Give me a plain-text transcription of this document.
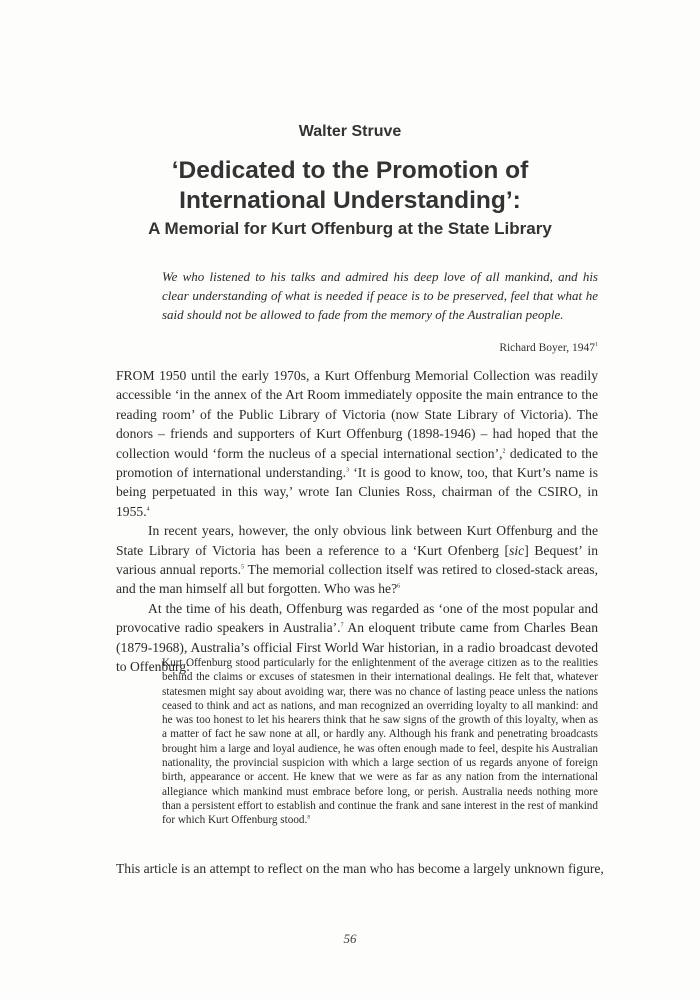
Walter Struve
‘Dedicated to the Promotion of International Understanding’:
A Memorial for Kurt Offenburg at the State Library

We who listened to his talks and admired his deep love of all mankind, and his clear understanding of what is needed if peace is to be preserved, feel that what he said should not be allowed to fade from the memory of the Australian people.

Richard Boyer, 1947$^1$

FROM 1950 until the early 1970s, a Kurt Offenburg Memorial Collection was readily accessible ‘in the annex of the Art Room immediately opposite the main entrance to the reading room’ of the Public Library of Victoria (now State Library of Victoria). The donors – friends and supporters of Kurt Offenburg (1898-1946) – had hoped that the collection would ‘form the nucleus of a special international section’,$^2$ dedicated to the promotion of international understanding.$^3$ ‘It is good to know, too, that Kurt’s name is being perpetuated in this way,’ wrote Ian Clunies Ross, chairman of the CSIRO, in 1955.$^4$

In recent years, however, the only obvious link between Kurt Offenburg and the State Library of Victoria has been a reference to a ‘Kurt Ofenberg [sic] Bequest’ in various annual reports.$^5$ The memorial collection itself was retired to closed-stack areas, and the man himself all but forgotten. Who was he?$^6$

At the time of his death, Offenburg was regarded as ‘one of the most popular and provocative radio speakers in Australia’.$^7$ An eloquent tribute came from Charles Bean (1879-1968), Australia’s official First World War historian, in a radio broadcast devoted to Offenburg:

Kurt Offenburg stood particularly for the enlightenment of the average citizen as to the realities behind the claims or excuses of statesmen in their international dealings. He felt that, whatever statesmen might say about avoiding war, there was no chance of lasting peace unless the nations ceased to think and act as nations, and man recognized an overriding loyalty to all mankind: and he was too honest to let his hearers think that he saw signs of the growth of this loyalty, when as a matter of fact he saw none at all, or hardly any. Although his frank and penetrating broadcasts brought him a large and loyal audience, he was often enough made to feel, despite his Australian nationality, the provincial suspicion with which a large section of us regards anyone of foreign birth, appearance or accent. He knew that we were as far as any nation from the international allegiance which mankind must embrace before long, or perish. Australia needs nothing more than a persistent effort to establish and continue the frank and sane interest in the rest of mankind for which Kurt Offenburg stood.$^8$

This article is an attempt to reflect on the man who has become a largely unknown figure,
56
